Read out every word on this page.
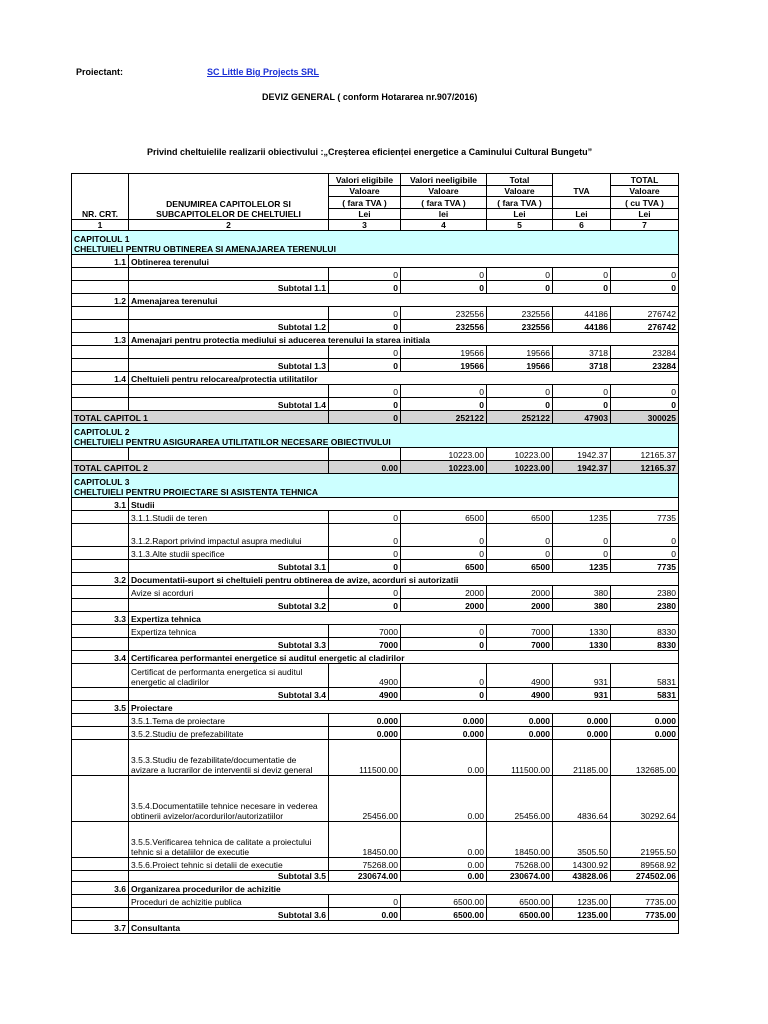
Proiectant:	SC Little Big Projects SRL
DEVIZ GENERAL ( conform Hotararea nr.907/2016)
Privind cheltuielile realizarii obiectivului :„Creșterea eficienței energetice a Caminului Cultural Bungetu”
NR. CRT.	DENUMIREA CAPITOLELOR SI SUBCAPITOLELOR DE CHELTUIELI	Valori eligibile	Valori neeligibile	Total	TVA	TOTAL
		Valoare	Valoare	Valoare		Valoare
		( fara TVA )	( fara TVA )	( fara TVA )		( cu TVA )
		Lei	lei	Lei	Lei	Lei
1	2	3	4	5	6	7

CAPITOLUL 1
CHELTUIELI PENTRU OBTINEREA SI AMENAJAREA TERENULUI						

1.1	Obtinerea terenului					
		0	0	0	0	0
	Subtotal 1.1	0	0	0	0	0
1.2	Amenajarea terenului					
		0	232556	232556	44186	276742
	Subtotal 1.2	0	232556	232556	44186	276742
1.3	Amenajari pentru protectia mediului si aducerea terenului la starea initiala					
		0	19566	19566	3718	23284
	Subtotal 1.3	0	19566	19566	3718	23284
1.4	Cheltuieli pentru relocarea/protectia utilitatilor					
		0	0	0	0	0
	Subtotal 1.4	0	0	0	0	0
TOTAL CAPITOL 1		0	252122	252122	47903	300025

CAPITOLUL 2
CHELTUIELI PENTRU ASIGURAREA UTILITATILOR NECESARE OBIECTIVULUI						

			10223.00	10223.00	1942.37	12165.37
TOTAL CAPITOL 2		0.00	10223.00	10223.00	1942.37	12165.37

CAPITOLUL 3
CHELTUIELI PENTRU PROIECTARE SI ASISTENTA TEHNICA						

3.1	Studii					
	3.1.1.Studii de teren	0	6500	6500	1235	7735
	3.1.2.Raport privind impactul asupra mediului	0	0	0	0	0
	3.1.3.Alte studii specifice	0	0	0	0	0
	Subtotal 3.1	0	6500	6500	1235	7735
3.2	Documentatii-suport si cheltuieli pentru obtinerea de avize, acorduri si autorizatii					
	Avize si acorduri	0	2000	2000	380	2380
	Subtotal 3.2	0	2000	2000	380	2380
3.3	Expertiza tehnica					
	Expertiza tehnica	7000	0	7000	1330	8330
	Subtotal 3.3	7000	0	7000	1330	8330
3.4	Certificarea performantei energetice si auditul energetic al cladirilor					
	Certificat de performanta energetica si auditul energetic al cladirilor	4900	0	4900	931	5831
	Subtotal 3.4	4900	0	4900	931	5831
3.5	Proiectare					
	3.5.1.Tema de proiectare	0.000	0.000	0.000	0.000	0.000
	3.5.2.Studiu de prefezabilitate	0.000	0.000	0.000	0.000	0.000
	3.5.3.Studiu de fezabilitate/documentatie de avizare a lucrarilor de interventii si deviz general	111500.00	0.00	111500.00	21185.00	132685.00
	3.5.4.Documentatiile tehnice necesare in vederea obtinerii avizelor/acordurilor/autorizatiilor	25456.00	0.00	25456.00	4836.64	30292.64
	3.5.5.Verificarea tehnica de calitate a proiectului tehnic si a detaliilor de executie	18450.00	0.00	18450.00	3505.50	21955.50
	3.5.6.Proiect tehnic si detalii de executie	75268.00	0.00	75268.00	14300.92	89568.92
	Subtotal 3.5	230674.00	0.00	230674.00	43828.06	274502.06
3.6	Organizarea procedurilor de achizitie					
	Proceduri de achizitie publica	0	6500.00	6500.00	1235.00	7735.00
	Subtotal 3.6	0.00	6500.00	6500.00	1235.00	7735.00
3.7	Consultanta					
